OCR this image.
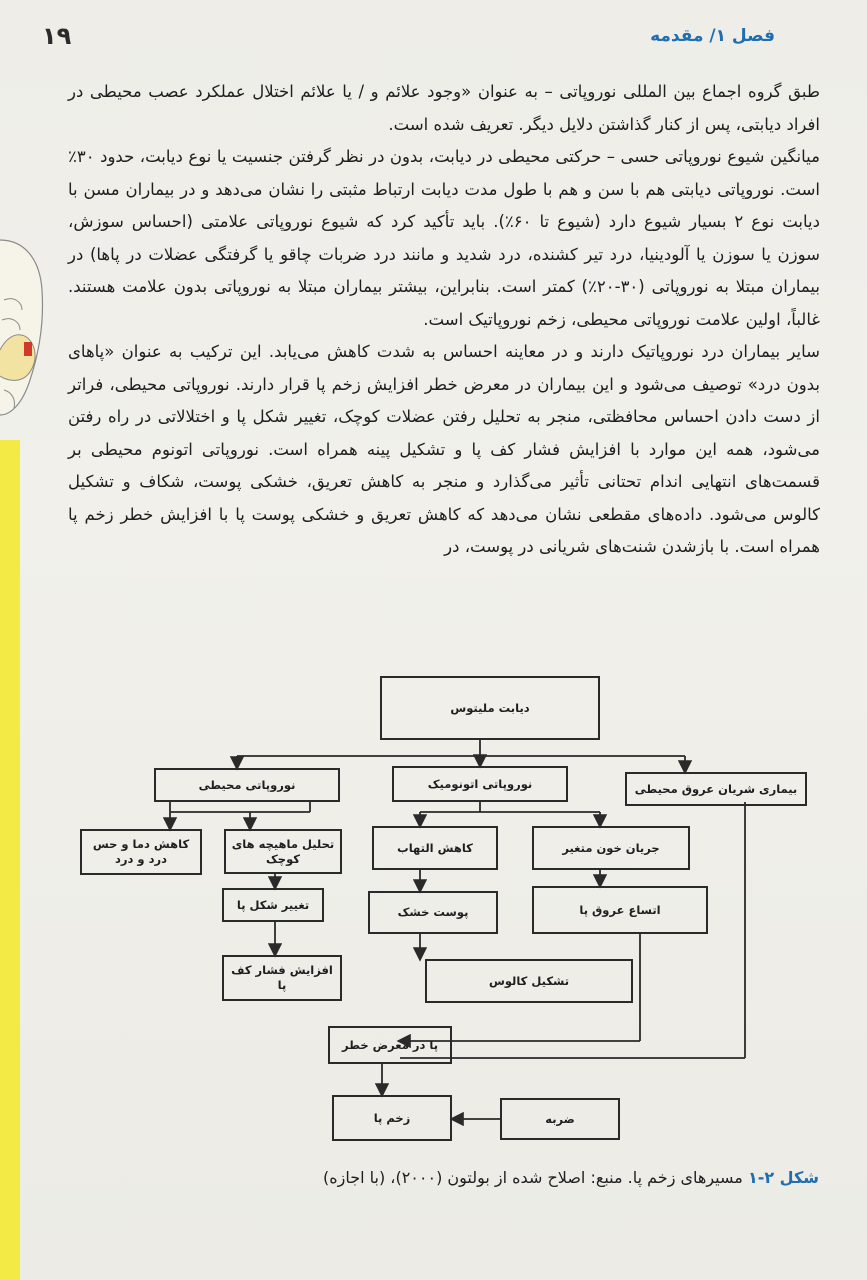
۱۹	فصل ۱/ مقدمه

طبق گروه اجماع بین المللی نوروپاتی – به عنوان «وجود علائم و / یا علائم اختلال عملکرد عصب محیطی در افراد دیابتی، پس از کنار گذاشتن دلایل دیگر. تعریف شده است.

میانگین شیوع نوروپاتی حسی – حرکتی محیطی در دیابت، بدون در نظر گرفتن جنسیت یا نوع دیابت، حدود ۳۰٪ است. نوروپاتی دیابتی هم با سن و هم با طول مدت دیابت ارتباط مثبتی را نشان می‌دهد و در بیماران مسن با دیابت نوع ۲ بسیار شیوع دارد (شیوع تا ۶۰٪). باید تأکید کرد که شیوع نوروپاتی علامتی (احساس سوزش، سوزن یا سوزن یا آلودینیا، درد تیر کشنده، درد شدید و مانند درد ضربات چاقو یا گرفتگی عضلات در پاها) در بیماران مبتلا به نوروپاتی (۳۰-۲۰٪) کمتر است. بنابراین، بیشتر بیماران مبتلا به نوروپاتی بدون علامت هستند. غالباً، اولین علامت نوروپاتی محیطی، زخم نوروپاتیک است.

سایر بیماران درد نوروپاتیک دارند و در معاینه احساس به شدت کاهش می‌یابد. این ترکیب به عنوان «پاهای بدون درد» توصیف می‌شود و این بیماران در معرض خطر افزایش زخم پا قرار دارند. نوروپاتی محیطی، فراتر از دست دادن احساس محافظتی، منجر به تحلیل رفتن عضلات کوچک، تغییر شکل پا و اختلالاتی در راه رفتن می‌شود، همه این موارد با افزایش فشار کف پا و تشکیل پینه همراه است. نوروپاتی اتونوم محیطی بر قسمت‌های انتهایی اندام تحتانی تأثیر می‌گذارد و منجر به کاهش تعریق، خشکی پوست، شکاف و تشکیل کالوس می‌شود. داده‌های مقطعی نشان می‌دهد که کاهش تعریق و خشکی پوست پا با افزایش خطر زخم پا همراه است. با بازشدن شنت‌های شریانی در پوست، در

دیابت ملیتوس
نوروپاتی محیطی	نوروپاتی اتونومیک	بیماری شریان عروق محیطی
کاهش دما و حس درد و درد
تحلیل ماهیچه های کوچک
کاهش التهاب	جریان خون متغیر
تغییر شکل پا
پوست خشک	اتساع عروق پا
افزایش فشار کف پا	تشکیل کالوس
پا در معرض خطر
زخم پا	ضربه
شکل ۲-۱ مسیرهای زخم پا. منبع: اصلاح شده از بولتون (۲۰۰۰)، (با اجازه)
